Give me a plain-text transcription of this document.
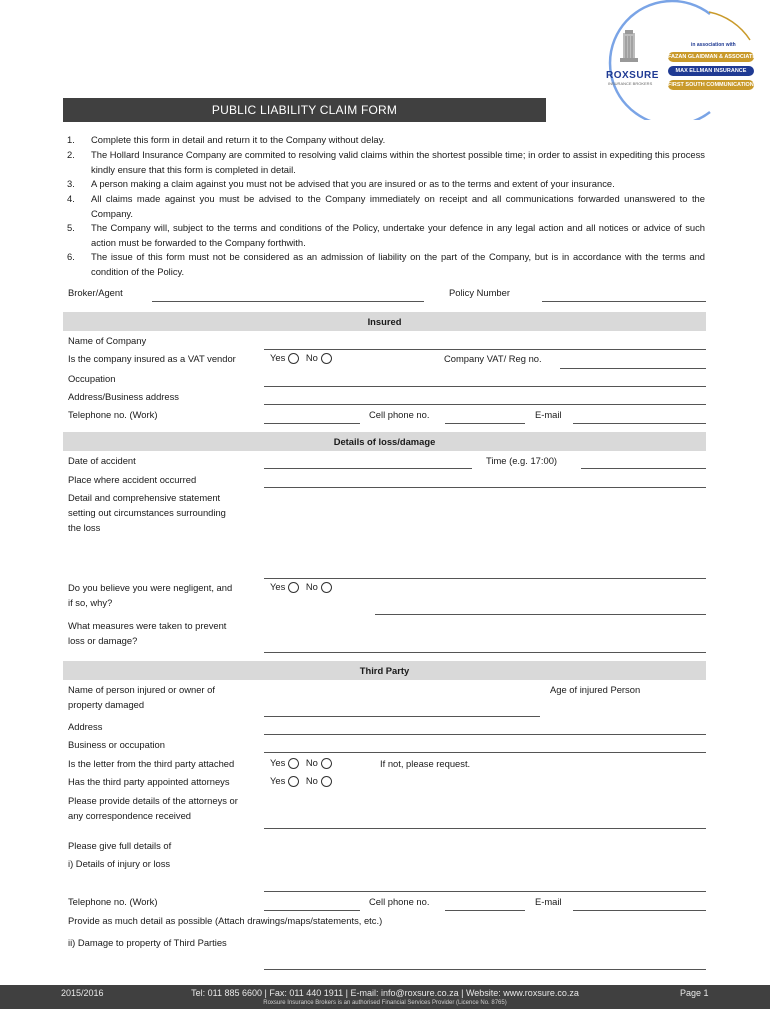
ROXSURE
INSURANCE BROKERS
in association with
FAZAN GLAIDMAN & ASSOCIATES
MAX ELLMAN INSURANCE
FIRST SOUTH COMMUNICATIONS
PUBLIC LIABILITY CLAIM FORM
1. Complete this form in detail and return it to the Company without delay.
2. The Hollard Insurance Company are commited to resolving valid claims within the shortest possible time; in order to assist in expediting this process kindly ensure that this form is completed in detail.
3. A person making a claim against you must not be advised that you are insured or as to the terms and extent of your insurance.
4. All claims made against you must be advised to the Company immediately on receipt and all communications forwarded unanswered to the Company.
5. The Company will, subject to the terms and conditions of the Policy, undertake your defence in any legal action and all notices or advice of such action must be forwarded to the Company forthwith.
6. The issue of this form must not be considered as an admission of liability on the part of the Company, but is in accordance with the terms and condition of the Policy.
Broker/Agent	Policy Number
Insured
Name of Company
Is the company insured as a VAT vendor	Yes No	Company VAT/ Reg no.
Occupation
Address/Business address
Telephone no. (Work)	Cell phone no.	E-mail
Details of loss/damage
Date of accident	Time (e.g. 17:00)
Place where accident occurred
Detail and comprehensive statement
setting out circumstances surrounding
the loss
Do you believe you were negligent, and
if so, why?
Yes No
What measures were taken to prevent
loss or damage?
Third Party
Name of person injured or owner of
property damaged
Age of injured Person
Address
Business or occupation
Is the letter from the third party attached	Yes No	If not, please request.
Has the third party appointed attorneys	Yes No
Please provide details of the attorneys or
any correspondence received
Please give full details of
i) Details of injury or loss
Telephone no. (Work)	Cell phone no.	E-mail
Provide as much detail as possible (Attach drawings/maps/statements, etc.)
ii) Damage to property of Third Parties
2015/2016	Tel: 011 885 6600 | Fax: 011 440 1911 | E-mail: info@roxsure.co.za | Website: www.roxsure.co.za
Roxsure Insurance Brokers is an authorised Financial Services Provider (Licence No. 8765)
Page 1
